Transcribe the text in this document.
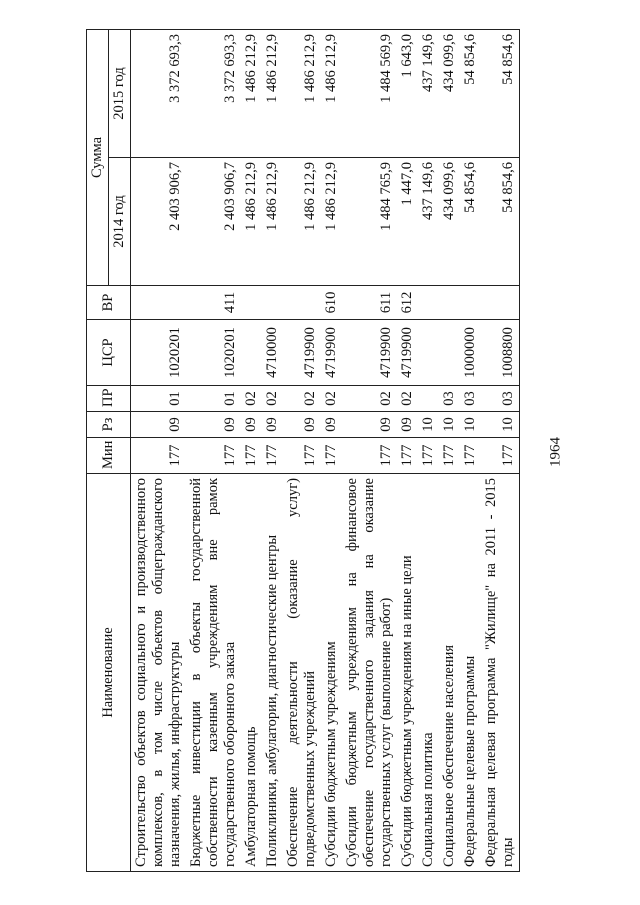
1964
Наименование	Мин	Рз	ПР	ЦСР	ВР	Сумма	
						2014 год	2015 год
Строительство объектов социального и производственного комплексов, в том числе объектов общегражданского назначения, жилья, инфраструктуры	177	09	01	1020201		2 403 906,7	3 372 693,3
Бюджетные инвестиции в объекты государственной собственности казенным учреждениям вне рамок государственного оборонного заказа	177	09	01	1020201	411	2 403 906,7	3 372 693,3
Амбулаторная помощь	177	09	02			1 486 212,9	1 486 212,9
Поликлиники, амбулатории, диагностические центры	177	09	02	4710000		1 486 212,9	1 486 212,9
Обеспечение деятельности (оказание услуг) подведомственных учреждений	177	09	02	4719900		1 486 212,9	1 486 212,9
Субсидии бюджетным учреждениям	177	09	02	4719900	610	1 486 212,9	1 486 212,9
Субсидии бюджетным учреждениям на финансовое обеспечение государственного задания на оказание государственных услуг (выполнение работ)	177	09	02	4719900	611	1 484 765,9	1 484 569,9
Субсидии бюджетным учреждениям на иные цели	177	09	02	4719900	612	1 447,0	1 643,0
Социальная политика	177	10				437 149,6	437 149,6
Социальное обеспечение населения	177	10	03			434 099,6	434 099,6
Федеральные целевые программы	177	10	03	1000000		54 854,6	54 854,6
Федеральная целевая программа "Жилище" на 2011 - 2015 годы	177	10	03	1008800		54 854,6	54 854,6
